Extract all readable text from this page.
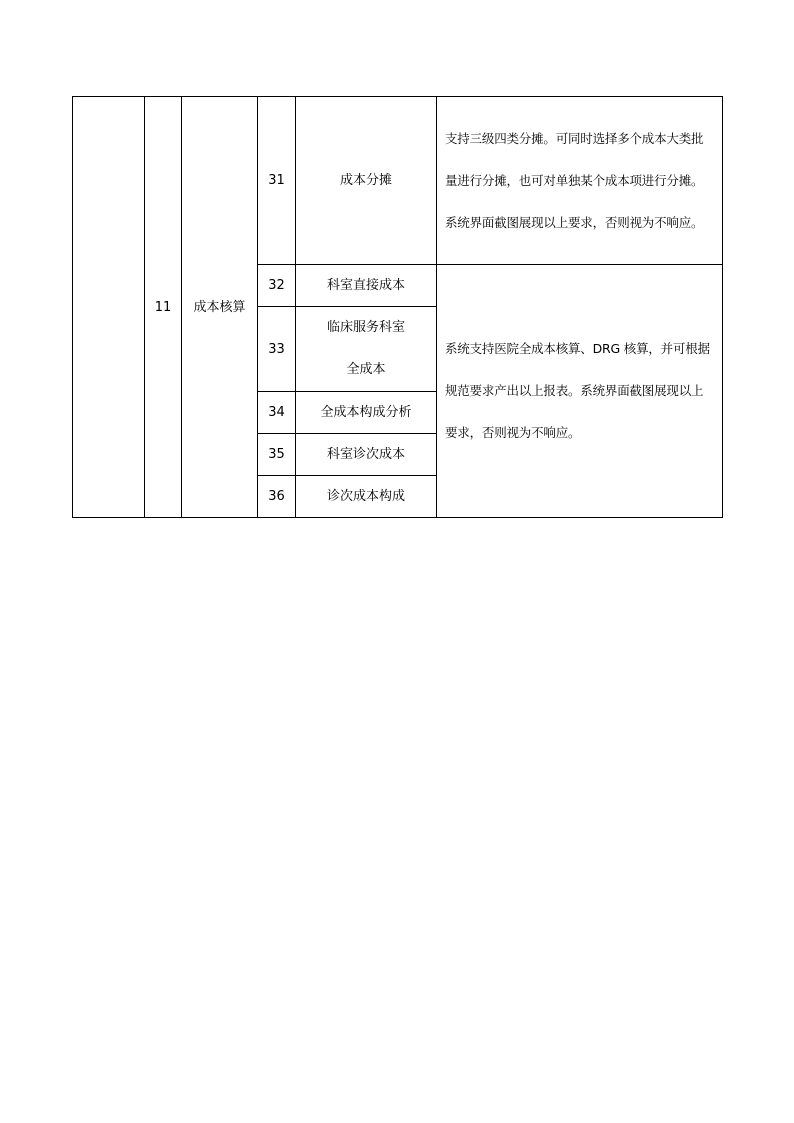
	11	成本核算	31	成本分摊	支持三级四类分摊。可同时选择多个成本大类批量进行分摊，也可对单独某个成本项进行分摊。系统界面截图展现以上要求，否则视为不响应。
			32	科室直接成本	系统支持医院全成本核算、DRG 核算，并可根据规范要求产出以上报表。系统界面截图展现以上要求，否则视为不响应。
			33	临床服务科室
全成本	

			34	全成本构成分析	
			35	科室诊次成本	
			36	诊次成本构成	
